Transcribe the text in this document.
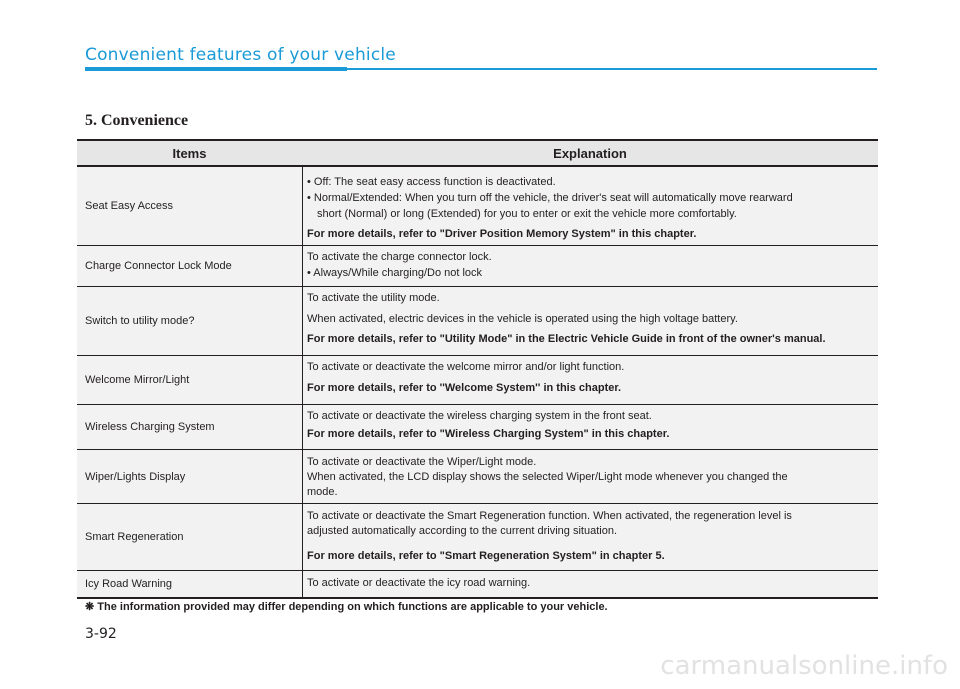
Convenient features of your vehicle
5. Convenience
Items	Explanation
Seat Easy Access
• Off: The seat easy access function is deactivated.
• Normal/Extended: When you turn off the vehicle, the driver's seat will automatically move rearward
short (Normal) or long (Extended) for you to enter or exit the vehicle more comfortably.
For more details, refer to "Driver Position Memory System" in this chapter.
Charge Connector Lock Mode
To activate the charge connector lock.
• Always/While charging/Do not lock
Switch to utility mode?
To activate the utility mode.
When activated, electric devices in the vehicle is operated using the high voltage battery.
For more details, refer to "Utility Mode" in the Electric Vehicle Guide in front of the owner's manual.
Welcome Mirror/Light
To activate or deactivate the welcome mirror and/or light function.
For more details, refer to ''Welcome System'' in this chapter.
Wireless Charging System
To activate or deactivate the wireless charging system in the front seat.
For more details, refer to "Wireless Charging System" in this chapter.
Wiper/Lights Display
To activate or deactivate the Wiper/Light mode.
When activated, the LCD display shows the selected Wiper/Light mode whenever you changed the
mode.
Smart Regeneration
To activate or deactivate the Smart Regeneration function. When activated, the regeneration level is
adjusted automatically according to the current driving situation.
For more details, refer to "Smart Regeneration System" in chapter 5.
Icy Road Warning	To activate or deactivate the icy road warning.
❋ The information provided may differ depending on which functions are applicable to your vehicle.
3-92
carmanualsonline.info
